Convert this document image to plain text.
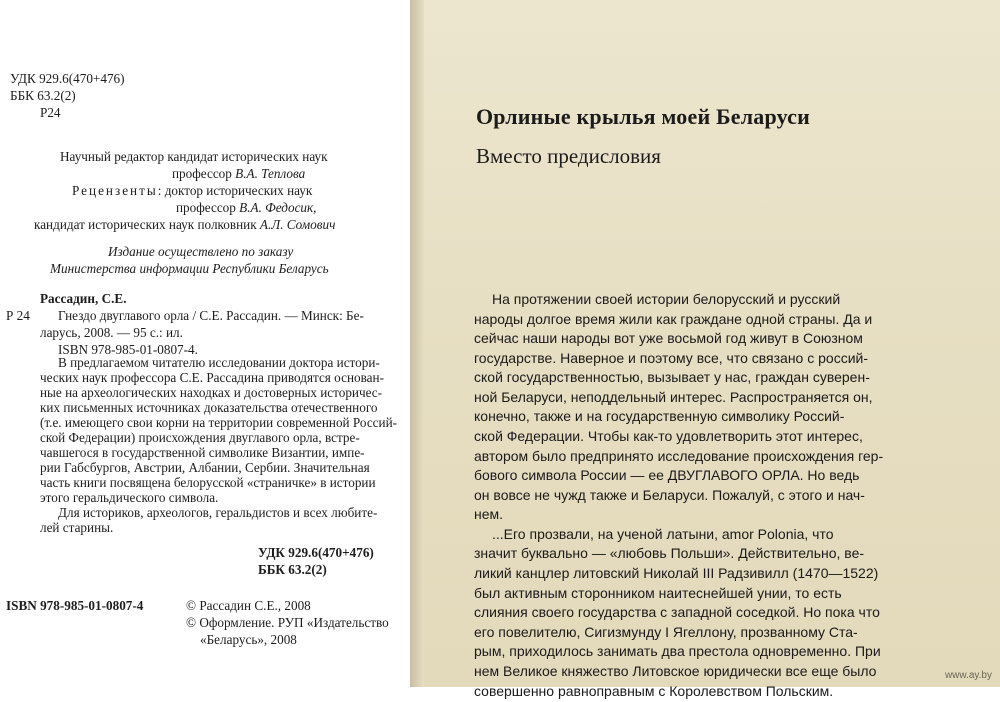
УДК 929.6(470+476)
ББК 63.2(2)
Р24
Научный редактор кандидат исторических наук
профессор В.А. Теплова
Рецензенты: доктор исторических наук
профессор В.А. Федосик,
кандидат исторических наук полковник А.Л. Сомович
Издание осуществлено по заказу
Министерства информации Республики Беларусь
Рассадин, С.Е.
Р 24 Гнездо двуглавого орла / С.Е. Рассадин. — Минск: Бе-
ларусь, 2008. — 95 с.: ил.
ISBN 978-985-01-0807-4.
В предлагаемом читателю исследовании доктора истори-
ческих наук профессора С.Е. Рассадина приводятся основан-
ные на археологических находках и достоверных историчес-
ких письменных источниках доказательства отечественного
(т.е. имеющего свои корни на территории современной Россий-
ской Федерации) происхождения двуглавого орла, встре-
чавшегося в государственной символике Византии, импе-
рии Габсбургов, Австрии, Албании, Сербии. Значительная
часть книги посвящена белорусской «страничке» в истории
этого геральдического символа.
Для историков, археологов, геральдистов и всех любите-
лей старины.
УДК 929.6(470+476)
ББК 63.2(2)
ISBN 978-985-01-0807-4	© Рассадин С.Е., 2008
© Оформление. РУП «Издательство
«Беларусь», 2008
Орлиные крылья моей Беларуси
Вместо предисловия
На протяжении своей истории белорусский и русский
народы долгое время жили как граждане одной страны. Да и
сейчас наши народы вот уже восьмой год живут в Союзном
государстве. Наверное и поэтому все, что связано с россий-
ской государственностью, вызывает у нас, граждан суверен-
ной Беларуси, неподдельный интерес. Распространяется он,
конечно, также и на государственную символику Россий-
ской Федерации. Чтобы как-то удовлетворить этот интерес,
автором было предпринято исследование происхождения гер-
бового символа России — ее ДВУГЛАВОГО ОРЛА. Но ведь
он вовсе не чужд также и Беларуси. Пожалуй, с этого и нач-
нем.
...Его прозвали, на ученой латыни, amor Polonia, что
значит буквально — «любовь Польши». Действительно, ве-
ликий канцлер литовский Николай III Радзивилл (1470—1522)
был активным сторонником наитеснейшей унии, то есть
слияния своего государства с западной соседкой. Но пока что
его повелителю, Сигизмунду I Ягеллону, прозванному Ста-
рым, приходилось занимать два престола одновременно. При
нем Великое княжество Литовское юридически все еще было
совершенно равноправным с Королевством Польским.
www.ay.by
